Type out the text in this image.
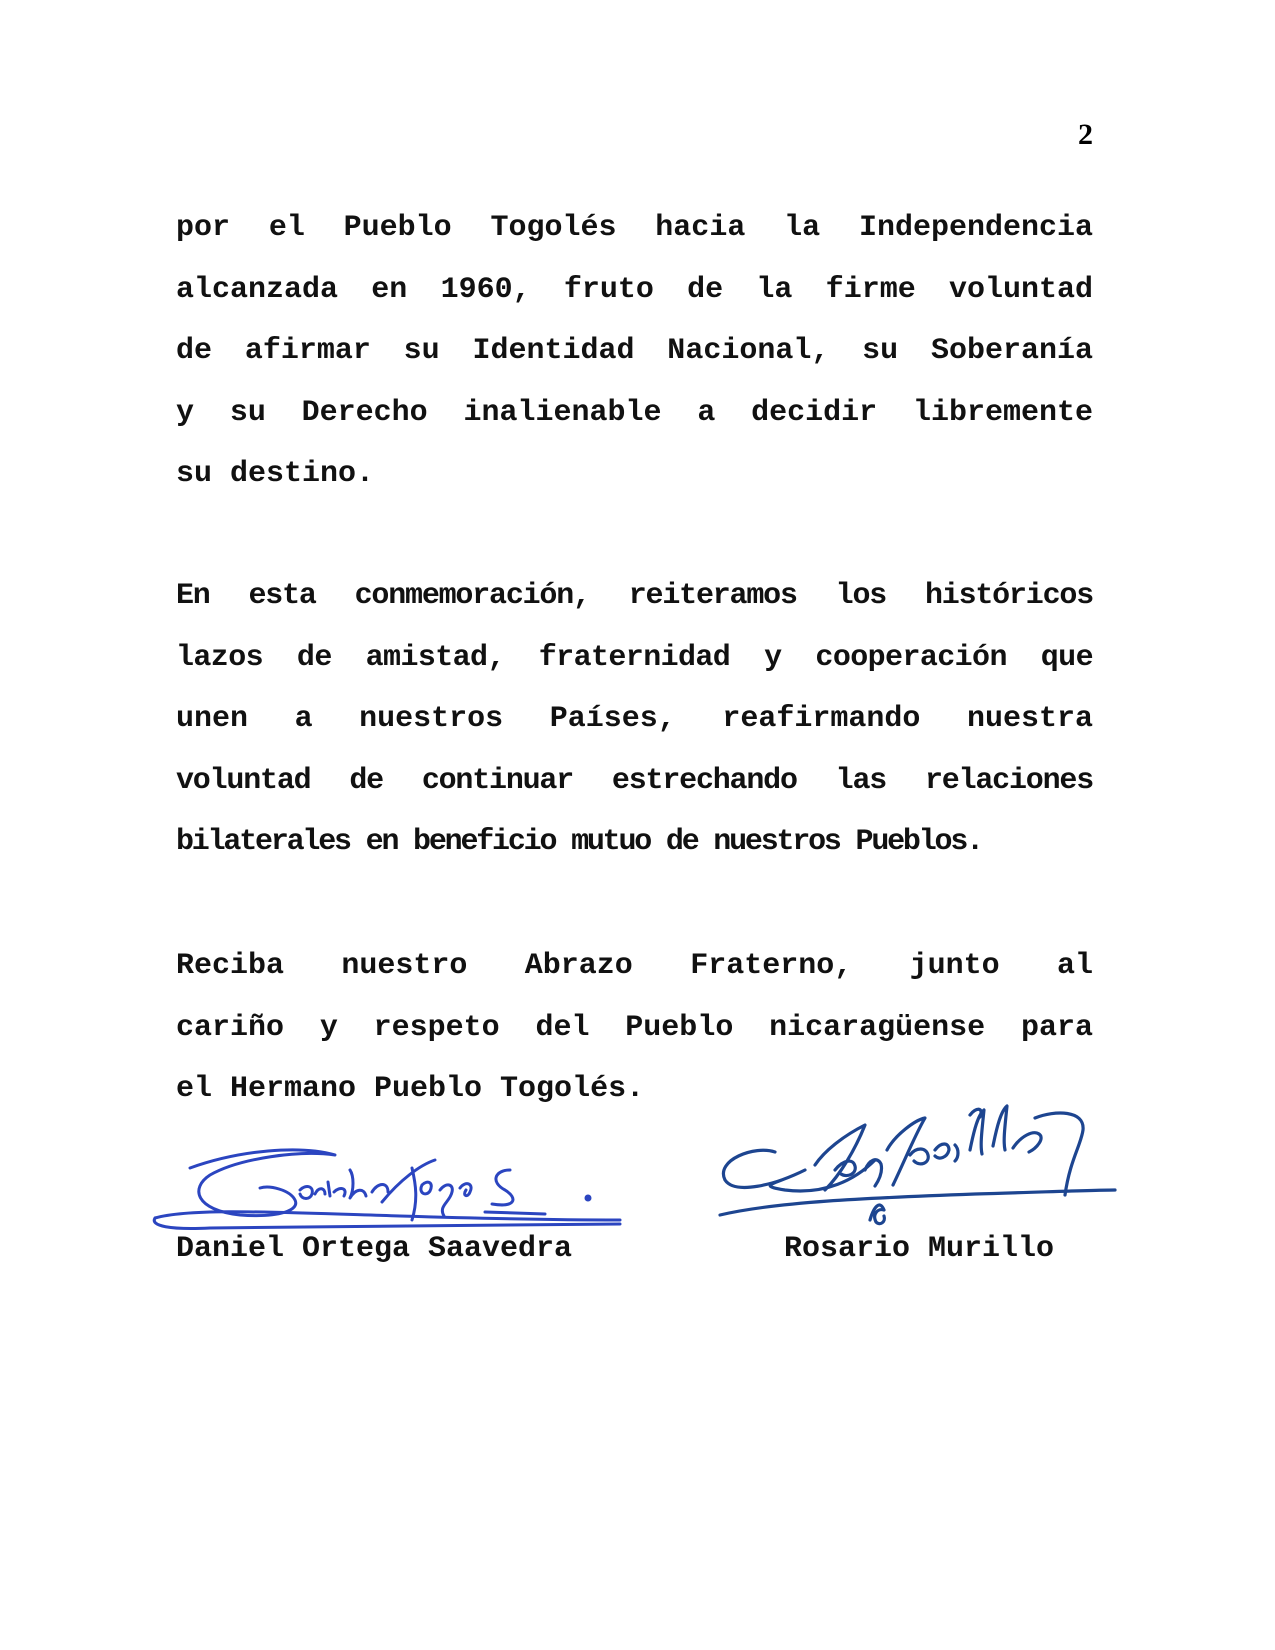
2

por el Pueblo Togolés hacia la Independencia
alcanzada en 1960, fruto de la firme voluntad
de afirmar su Identidad Nacional, su Soberanía
y su Derecho inalienable a decidir libremente
su destino.

En esta conmemoración, reiteramos los históricos
lazos de amistad, fraternidad y cooperación que
unen a nuestros Países, reafirmando nuestra
voluntad de continuar estrechando las relaciones
bilaterales en beneficio mutuo de nuestros Pueblos.

Reciba nuestro Abrazo Fraterno, junto al
cariño y respeto del Pueblo nicaragüense para
el Hermano Pueblo Togolés.

Daniel Ortega Saavedra	Rosario Murillo
